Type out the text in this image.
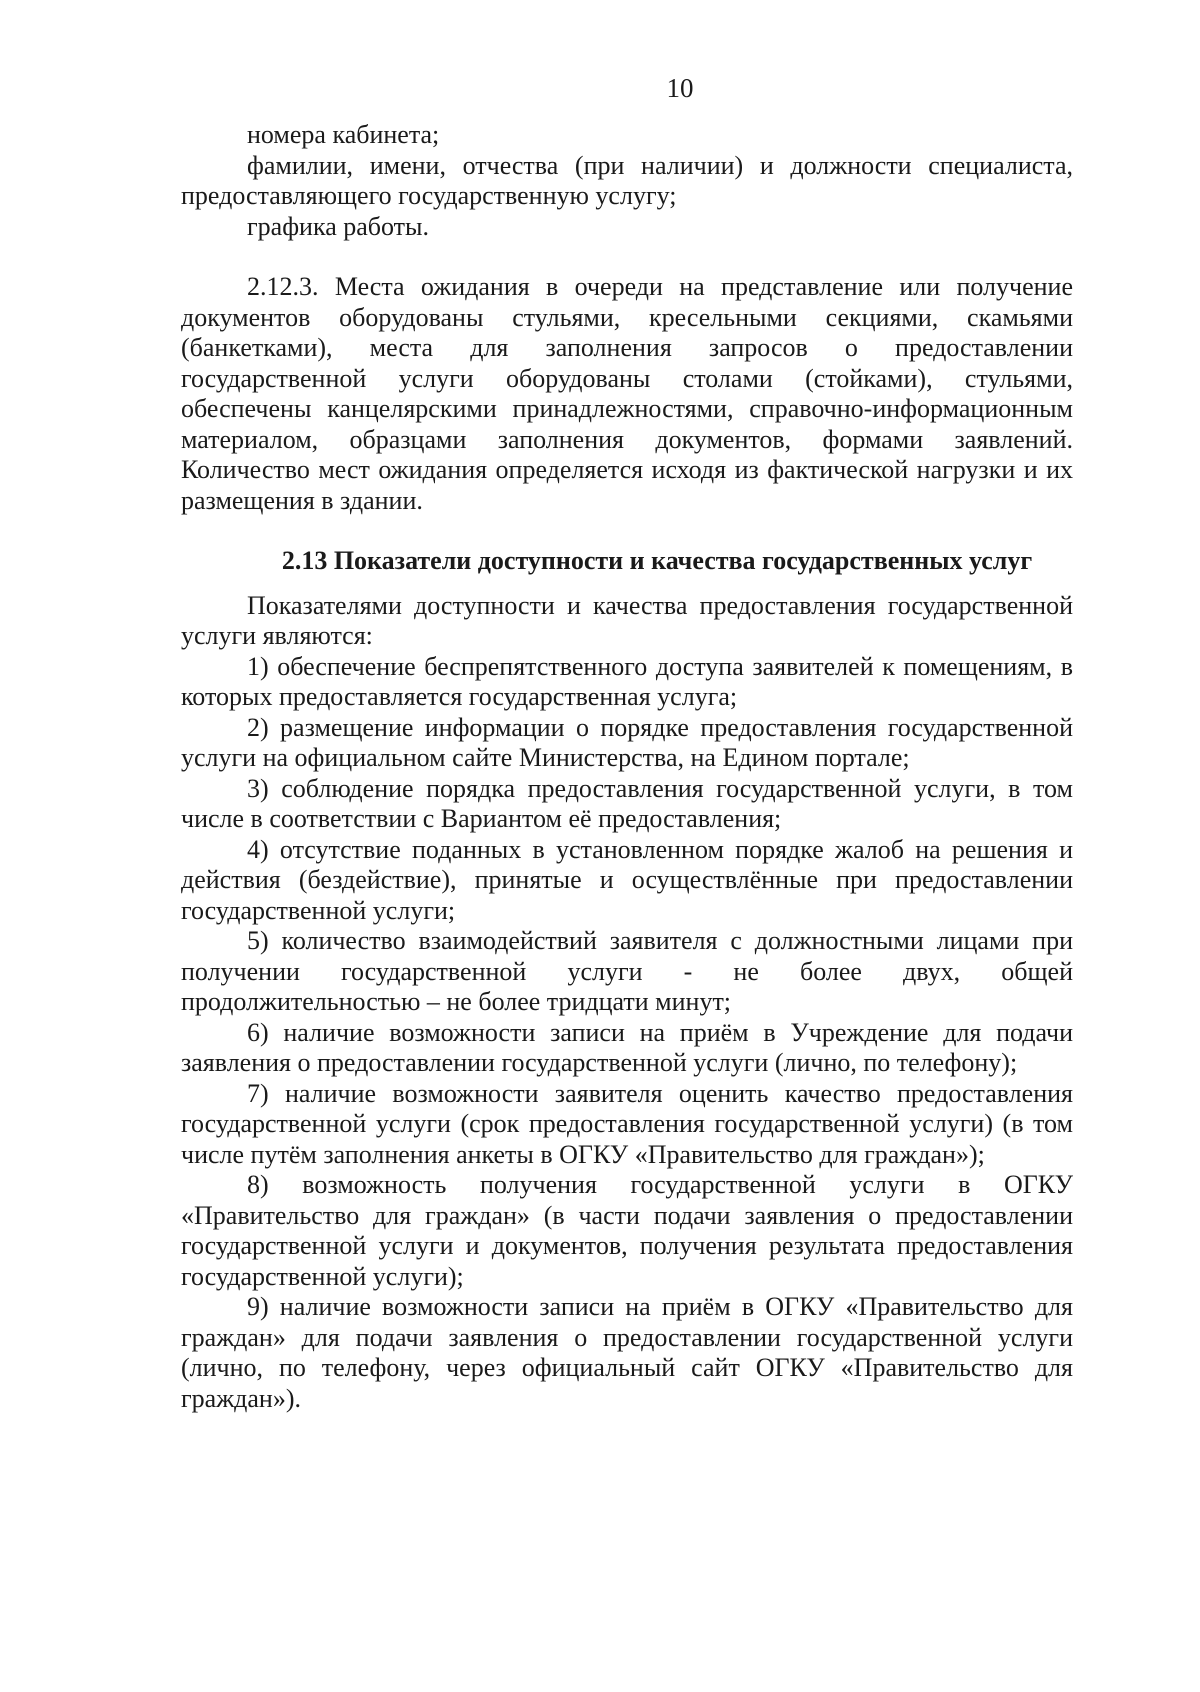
10

номера кабинета;

фамилии, имени, отчества (при наличии) и должности специалиста, предоставляющего государственную услугу;

графика работы.

2.12.3. Места ожидания в очереди на представление или получение документов оборудованы стульями, кресельными секциями, скамьями (банкетками), места для заполнения запросов о предоставлении государственной услуги оборудованы столами (стойками), стульями, обеспечены канцелярскими принадлежностями, справочно-информационным материалом, образцами заполнения документов, формами заявлений. Количество мест ожидания определяется исходя из фактической нагрузки и их размещения в здании.

2.13 Показатели доступности и качества государственных услуг

Показателями доступности и качества предоставления государственной услуги являются:

1) обеспечение беспрепятственного доступа заявителей к помещениям, в которых предоставляется государственная услуга;

2) размещение информации о порядке предоставления государственной услуги на официальном сайте Министерства, на Едином портале;

3) соблюдение порядка предоставления государственной услуги, в том числе в соответствии с Вариантом её предоставления;

4) отсутствие поданных в установленном порядке жалоб на решения и действия (бездействие), принятые и осуществлённые при предоставлении государственной услуги;

5) количество взаимодействий заявителя с должностными лицами при получении государственной услуги - не более двух, общей продолжительностью – не более тридцати минут;

6) наличие возможности записи на приём в Учреждение для подачи заявления о предоставлении государственной услуги (лично, по телефону);

7) наличие возможности заявителя оценить качество предоставления государственной услуги (срок предоставления государственной услуги) (в том числе путём заполнения анкеты в ОГКУ «Правительство для граждан»);

8) возможность получения государственной услуги в ОГКУ «Правительство для граждан» (в части подачи заявления о предоставлении государственной услуги и документов, получения результата предоставления государственной услуги);

9) наличие возможности записи на приём в ОГКУ «Правительство для граждан» для подачи заявления о предоставлении государственной услуги (лично, по телефону, через официальный сайт ОГКУ «Правительство для граждан»).
